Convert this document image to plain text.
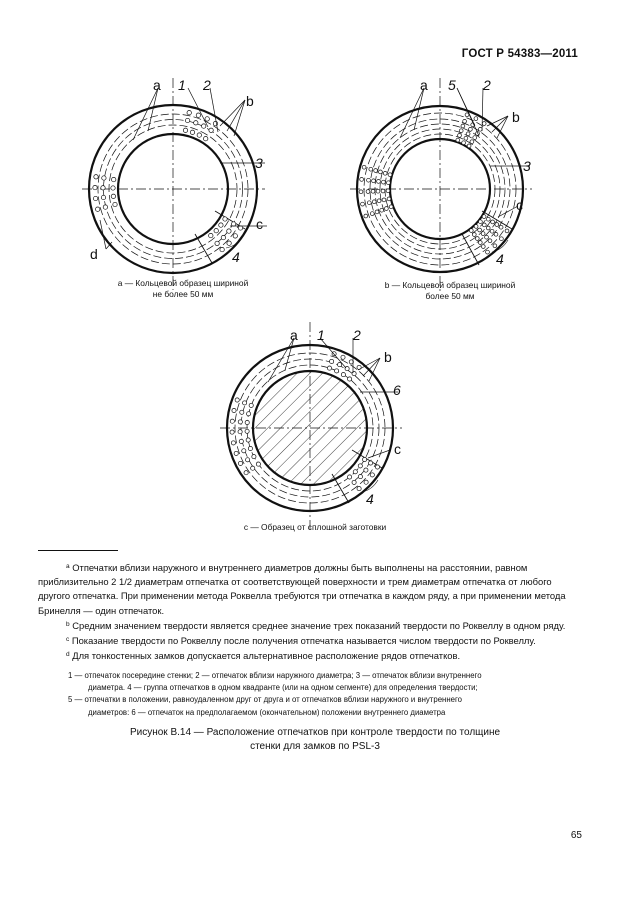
ГОСТ Р 54383—2011
а 1 2
b
3
c
4
d
a — Кольцевой образец шириной
не более 50 мм
a 5 2
b
3
c
4
b — Кольцевой образец шириной
более 50 мм
a 1 2
b
6
c
4
c — Образец от сплошной заготовки

$^a$ Отпечатки вблизи наружного и внутреннего диаметров должны быть выполнены на расстоянии, равном приблизительно 2 1/2 диаметрам отпечатка от соответствующей поверхности и трем диаметрам отпечатка от любого другого отпечатка. При применении метода Роквелла требуются три отпечатка в каждом ряду, а при применении метода Бринелля — один отпечаток.

$^b$ Средним значением твердости является среднее значение трех показаний твердости по Роквеллу в одном ряду.

$^c$ Показание твердости по Роквеллу после получения отпечатка называется числом твердости по Роквеллу.

$^d$ Для тонкостенных замков допускается альтернативное расположение рядов отпечатков.

1 — отпечаток посередине стенки; 2 — отпечаток вблизи наружного диаметра; 3 — отпечаток вблизи внутреннего

диаметра. 4 — группа отпечатков в одном квадранте (или на одном сегменте) для определения твердости;

5 — отпечатки в положении, равноудаленном друг от друга и от отпечатков вблизи наружного и внутреннего

диаметров: 6 — отпечаток на предполагаемом (окончательном) положении внутреннего диаметра

Рисунок В.14 — Расположение отпечатков при контроле твердости по толщине
стенки для замков по PSL-3
65
